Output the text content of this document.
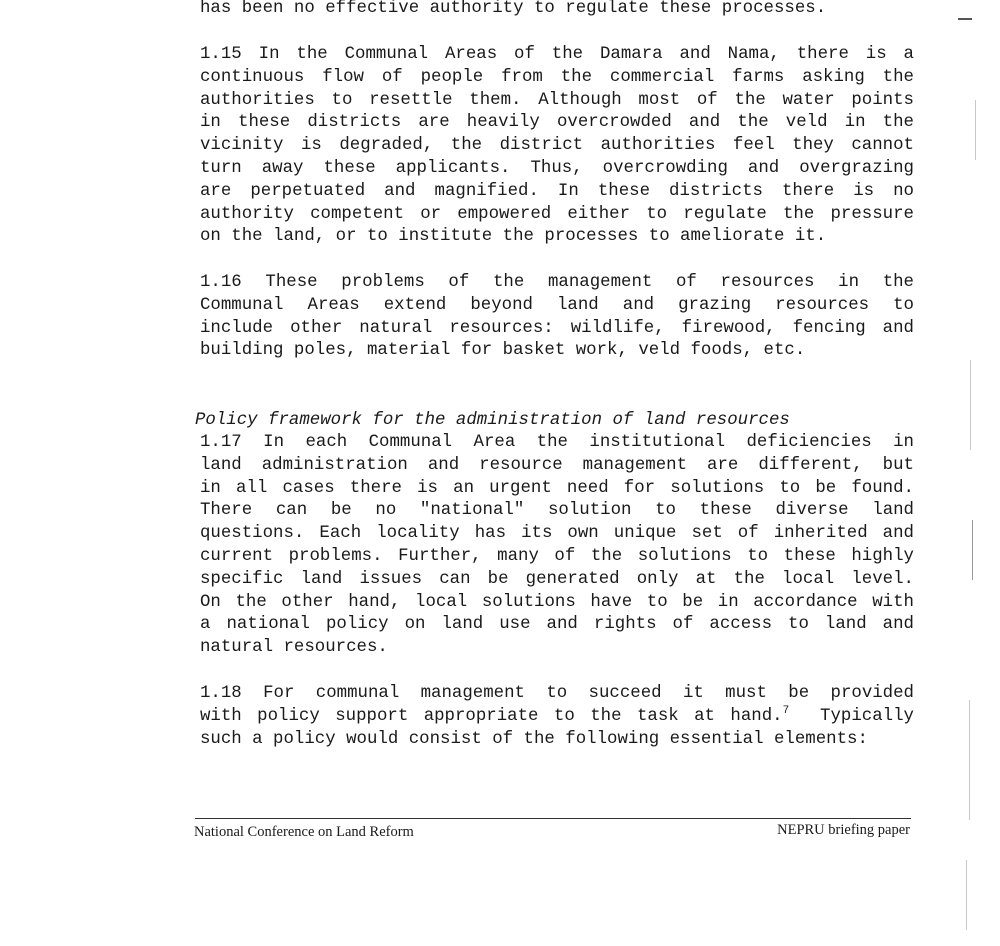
has been no effective authority to regulate these processes.
1.15 In the Communal Areas of the Damara and Nama, there is a
continuous flow of people from the commercial farms asking the
authorities to resettle them. Although most of the water points
in these districts are heavily overcrowded and the veld in the
vicinity is degraded, the district authorities feel they cannot
turn away these applicants. Thus, overcrowding and overgrazing
are perpetuated and magnified. In these districts there is no
authority competent or empowered either to regulate the pressure
on the land, or to institute the processes to ameliorate it.
1.16 These problems of the management of resources in the
Communal Areas extend beyond land and grazing resources to
include other natural resources: wildlife, firewood, fencing and
building poles, material for basket work, veld foods, etc.
Policy framework for the administration of land resources
1.17 In each Communal Area the institutional deficiencies in
land administration and resource management are different, but
in all cases there is an urgent need for solutions to be found.
There can be no "national" solution to these diverse land
questions. Each locality has its own unique set of inherited and
current problems. Further, many of the solutions to these highly
specific land issues can be generated only at the local level.
On the other hand, local solutions have to be in accordance with
a national policy on land use and rights of access to land and
natural resources.
1.18 For communal management to succeed it must be provided
with policy support appropriate to the task at hand.$^7$  Typically
such a policy would consist of the following essential elements:
National Conference on Land Reform	NEPRU briefing paper
